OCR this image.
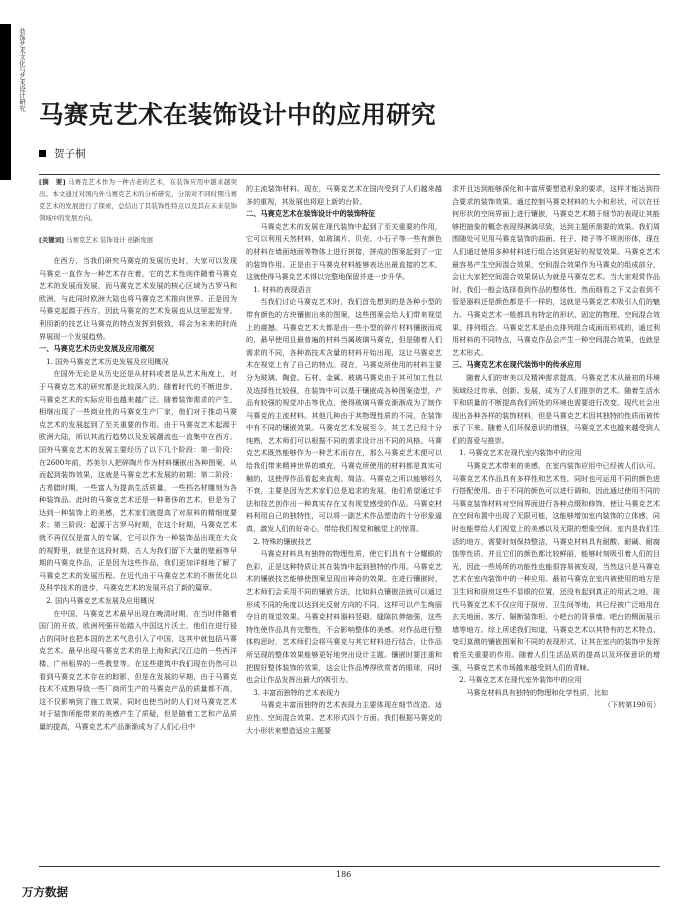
装饰艺术文化与艺术设计研究
马赛克艺术在装饰设计中的应用研究
贺子桐

[摘　要] 马赛克艺术作为一种古老的艺术，在装饰应用中越来越突出。本文通过对国内外马赛克艺术的分析研究，分别对不同时期马赛克艺术的发展进行了探索，总结出了其装饰性特点以及其在未来装饰领域中的发展方向。

[关键词] 马赛克艺术 装饰设计 创新发展

在西方，当我们研究马赛克的发展历史时，大家可以发现马赛克一直作为一种艺术存在着，它的艺术性则伴随着马赛克艺术的发展而发展，而马赛克艺术发展的核心区域为古罗马和欧洲，与此同时欧洲大陆也将马赛克艺术推向世界。正是因为马赛克起源于西方，因此马赛克的艺术发展也从这里起发芽。利用新的技艺让马赛克的特点发挥到极致，将会为未来的时尚界展现一个发展趋势。

一、马赛克艺术历史发展及应用概况

1. 国外马赛克艺术历史发展及应用概况

在国外无论是从历史还是从材料或者是从艺术角度上，对于马赛克艺术的研究都是比较深入的。随着时代的不断进步，马赛克艺术的实际应用也越来越广泛。随着装饰需求的产生，相继出现了一些商业性的马赛克生产厂家，他们对于推动马赛克艺术的发展起到了至关重要的作用。由于马赛克艺术起源于欧洲大陆，所以其流行趋势以及发展潮流也一直集中在西方。国外马赛克艺术的发展主要经历了以下几个阶段：第一阶段：在2600年前，苏美尔人把碎陶片作为材料镶嵌出各种图案，从而起到装饰效果，这就是马赛克艺术发展的初期；第二阶段：古希腊时期，一些富人为提高生活质量，一些档名材雕刻为各种装饰品。此时的马赛克艺术还是一种奢侈的艺术，但是为了达到一种装饰上的美感，艺术家们就提高了对原料的精细度要求；第三阶段：起源于古罗马时期，在这个时期，马赛克艺术就不再仅仅是富人的专属，它可以作为一种装饰品出现在大众的视野里，就是在这段时期，古人为我们留下大量的壁画等早期的马赛克作品，正是因为这些作品，我们更加详细地了解了马赛克艺术的发展历程。在近代由于马赛克艺术的不断优化以及科学技术的进步，马赛克艺术的发展开启了新的篇章。

2. 国内马赛克艺术发展及应用概况

在中国，马赛克艺术最早出现在晚清时期，在当时伴随着国门的开放，欧洲列强开始踏入中国这片沃土，他们在进行侵占的同时也把本国的艺术气息引入了中国，这其中就包括马赛克艺术。最早出现马赛克艺术的是上海和武汉江边的一些西洋楼、广州租界的一些教堂等。在这些建筑中我们现在仍然可以看到马赛克艺术存在的踪影，但是在发展的早期，由于马赛克技术不成熟导致一些厂商所生产的马赛克产品的质量都不高，这不仅影响到了施工效果，同时也使当时的人们对马赛克艺术对于装饰所能带来的美感产生了质疑，但是随着工艺和产品质量的提高，马赛克艺术产品渐渐成为了人们心目中

的主流装饰材料。现在，马赛克艺术在国内受到了人们越来越多的重视，其发展也将迎上新的台阶。

二、马赛克艺术在装饰设计中的装饰特征

马赛克艺术的发展在现代装饰中起到了至关重要的作用，它可以利用天然材料，如玻璃片、贝壳、小石子等一些有颜色的材料在墙面地面等物体上进行拼接，拼成的图案起到了一定的装饰作用。正是由于马赛克材料能够表达出最直接的艺术，这就使得马赛克艺术得以完整地保留并进一步升华。

1. 材料的表现语言

当我们讨论马赛克艺术时，我们首先想到的是各种小型的带有颜色的方块镶嵌出来的图案，这些图案会给人们带来视觉上的震撼。马赛克艺术大都是由一些小型的碎片材料镶嵌而成的，最早使用且最普遍的材料当属玻璃马赛克，但是随着人们需求的不同，各种高技术含量的材料开始出现，这让马赛克艺术在视觉上有了自己的特点。现在，马赛克所使用的材料主要分为玻璃、陶瓷、石材、金属。玻璃马赛克由于其可加工性以及选择性比较强，在装饰中可以基于镶嵌成各种图案造型，产品有较强的视觉冲击等优点，使得玻璃马赛克渐渐成为了制作马赛克的主流材料。其他几种由于其物理性质的不同，在装饰中有不同的镶嵌效果。马赛克艺术发展至今，其工艺已经十分纯熟，艺术师们可以根据不同的需求设计出不同的风格。马赛克艺术既然能够作为一种艺术而存在，那么马赛克艺术便可以给我们带来精神世界的填充，马赛克所使用的材料都是真实可触的，这使得作品看起来直观、简洁。马赛克之所以能够经久不衰，主要是因为艺术家们总是追求的发展，他们希望通过手法和技艺创作出一种真实存在又有视觉感受的作品。马赛克材料利用自己的独特性，可以将一副艺术作品塑造的十分形象逼真，激发人们的好奇心，带给我们视觉和触觉上的惊喜。

2. 特殊的镶嵌技艺

马赛克材料具有独特的物理性质，使它们具有十分耀眼的色彩，正是这种特质让其在装饰中起到独特的作用。马赛克艺术的镶嵌技艺能够使图案呈现出神奇的效果。在进行镶嵌时，艺术师们会采用不同的镶嵌方法，比如斜点镶嵌法就可以通过形成不同的角度以达到光反射方向的不同，这样可以产生绚丽夺目的视觉效果。马赛克材料器料竖砌、缝隙抗伸缩强，这些特性使作品具有完整性，不会影响整体的美感。对作品进行整体构思时，艺术师们会将马赛克与其它材料进行结合，让作品所呈现的整体效果能够更好地突出设计主题。镶嵌时要注重和把握好整体装饰的效果，这会让作品博得欣赏者的眼球，同时也会让作品发挥出最大的吸引力。

3. 丰富而独特的艺术表现力

马赛克丰富而独特的艺术表现力主要体现在细节改造、适应性、空间混合效果、艺术形式四个方面。我们根据马赛克的大小形状来塑造适应主题要

求并且达到能够深化和丰富所要塑造形象的要求，这样才能达到符合要求的装饰效果。通过控制马赛克材料的大小和形状，可以在任何形状的空间界面上进行镶嵌，马赛克艺术精于细节的表现让其能够把抽象的概念表现得淋漓尽致，达到主题所需要的效果。我们周围随处可见用马赛克装饰的曲面、柱子、椅子等不规则形体，现在人们通过使用多种材料进行组合达到更好的视觉效果。马赛克艺术最容易产生空间混合效果，空间混合效果作为马赛克的组成部分，会让大家把空间混合效果误认为就是马赛克艺术。当大家观赏作品时，我们一般会选择看到作品的整体性，然而细看之下又会看到不管是器料还是颜色都是不一样的，这就是马赛克艺术吸引人们的魅力。马赛克艺术一般都具有特定的形状、固定的物理、空间混合效果、排列组合。马赛克艺术是由点排列组合成面而形成的，通过利用材料的不同特点，马赛克作品会产生一种空间混合效果，也就是艺术形式。

三、马赛克艺术在现代装饰中的传承应用

随着人们的审美以及精神需求提高，马赛克艺术从最初的环境领域经过传承、创新、发展，成为了人们推崇的艺术。随着生活水平和质量的不断提高我们所处的环境也需要进行改变。现代社会出现出各种各样的装饰材料，但是马赛克艺术因其独特的性质而被传承了下来。随着人们环保意识的增强，马赛克艺术也越来越受到人们的喜爱与推崇。

1. 马赛克艺术在现代室内装饰中的应用

马赛克艺术带来的美感，在室内装饰应用中已经被人们认可。马赛克艺术作品具有多样性和艺术性，同时也可运用不同的颜色进行搭配使用。由于不同的颜色可以进行调和，因此通过使用不同的马赛克装饰材料对空间界面进行各种点缀和修饰，使让马赛克艺术在空间布置中出现了无限可能，这能够增加室内装饰的立体感，同时也能带给人们视觉上的美感以及无限的想象空间。室内是我们生活的地方，需要时刻保持整洁，马赛克材料具有耐酸、耐碱、耐腐蚀等性质，并且它们的颜色都比较鲜丽，能够时刻吸引着人们的目光，因此一些场所的功能性也能很容易被发现，当然这只是马赛克艺术在室内装饰中的一种应用。最初马赛克在室内被使用的地方是卫生间和厨房这些不显眼的位置，还没有起到真正的用武之地，现代马赛克艺术不仅应用于厨房、卫生间等地，其已经被广泛地用在玄关地面、客厅、隔断装饰柜、小吧台的背景墙、吧台的侧面展示墙等地方。综上所述我们知道，马赛克艺术以其特有的艺术特点、变幻莫测的镶嵌图案和不同的表现形式，让其在室内的装饰中发挥着至关重要的作用。随着人们生活品质的提高以及环保意识的增强，马赛克艺术市场越来越受到人们的青睐。

2. 马赛克艺术在现代室外装饰中的应用

马赛克材料具有独特的物理和化学性质，比如

（下转第190页）

186
万方数据
